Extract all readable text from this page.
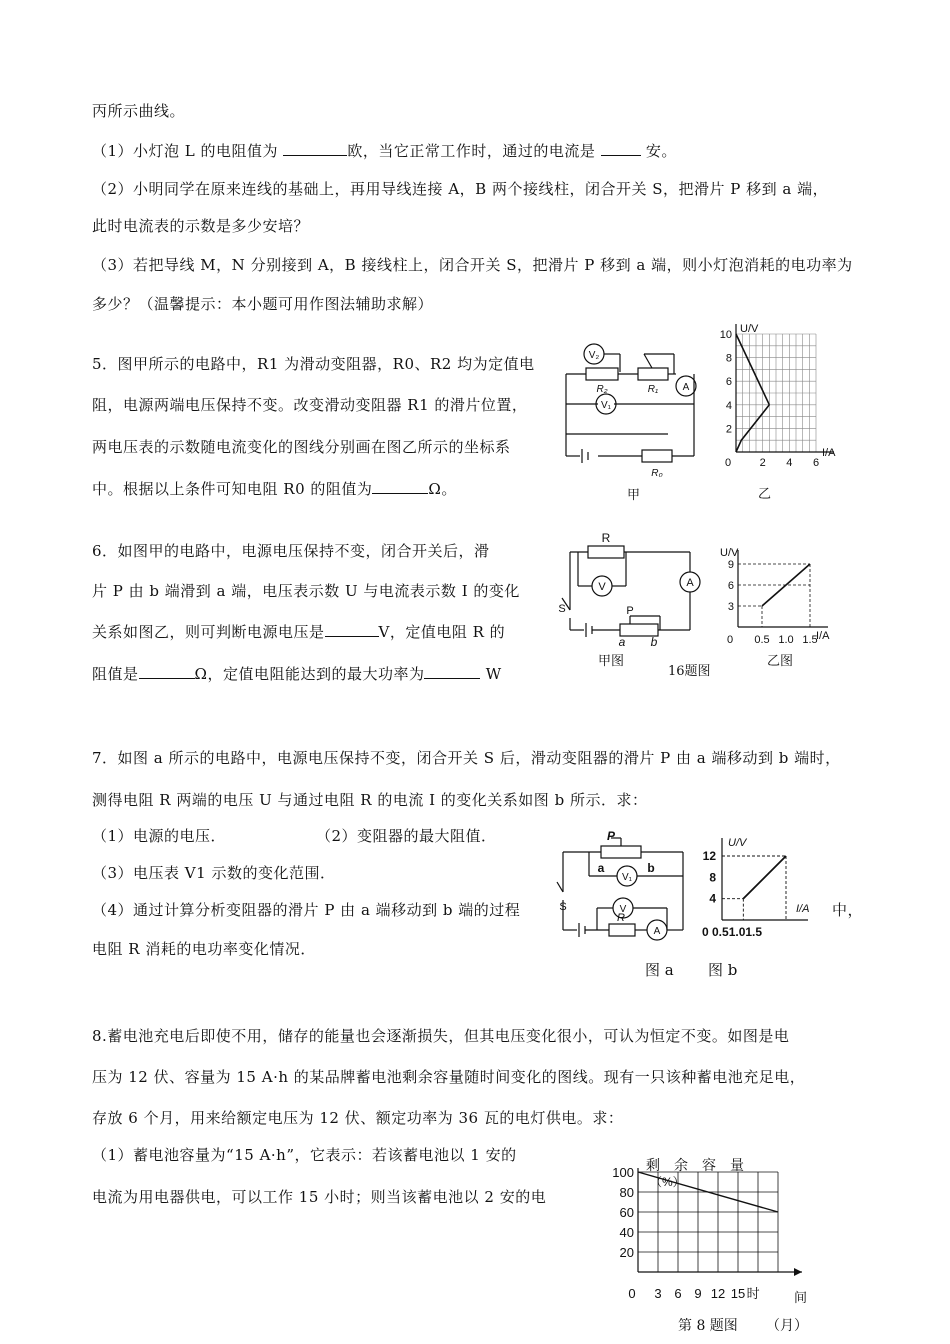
丙所示曲线。
（1）小灯泡 L 的电阻值为	欧，当它正常工作时，通过的电流是	安。
（2）小明同学在原来连线的基础上，再用导线连接 A，B 两个接线柱，闭合开关 S，把滑片 P 移到 a 端，
此时电流表的示数是多少安培？
（3）若把导线 M，N 分别接到 A，B 接线柱上，闭合开关 S，把滑片 P 移到 a 端，则小灯泡消耗的电功率为
多少？（温馨提示：本小题可用作图法辅助求解）
5．图甲所示的电路中，R1 为滑动变阻器，R0、R2 均为定值电
阻，电源两端电压保持不变。改变滑动变阻器 R1 的滑片位置，
两电压表的示数随电流变化的图线分别画在图乙所示的坐标系
中。根据以上条件可知电阻 R0 的阻值为	Ω。
V₂
V₁
A
R₂	R₁
R₀
甲
U/V
I/A
10
8
6
4
2
0	2 4 6
乙
6．如图甲的电路中，电源电压保持不变，闭合开关后，滑
片 P 由 b 端滑到 a 端，电压表示数 U 与电流表示数 I 的变化
关系如图乙，则可判断电源电压是	V，定值电阻 R 的
阻值是	Ω，定值电阻能达到的最大功率为	W
R
V	A
S	P
a b
甲图
16题图
U/V
I/A
9
6
3
0 0.5 1.0 1.5
乙图
7．如图 a 所示的电路中，电源电压保持不变，闭合开关 S 后，滑动变阻器的滑片 P 由 a 端移动到 b 端时，
测得电阻 R 两端的电压 U 与通过电阻 R 的电流 I 的变化关系如图 b 所示．求：
（1）电源的电压．	（2）变阻器的最大阻值．
（3）电压表 V1 示数的变化范围．
（4）通过计算分析变阻器的滑片 P 由 a 端移动到 b 端的过程	中，
电阻 R 消耗的电功率变化情况．
P
a	b
V₁
V
R
A
S
U/V
I/A
12
8
4
0 0.51.01.5
图 a 图 b
8.蓄电池充电后即使不用，储存的能量也会逐渐损失，但其电压变化很小，可认为恒定不变。如图是电
压为 12 伏、容量为 15 A·h 的某品牌蓄电池剩余容量随时间变化的图线。现有一只该种蓄电池充足电，
存放 6 个月，用来给额定电压为 12 伏、额定功率为 36 瓦的电灯供电。求：
（1）蓄电池容量为“15 A·h”，它表示：若该蓄电池以 1 安的
电流为用电器供电，可以工作 15 小时；则当该蓄电池以 2 安的电
剩　余　容　量
（%）
100
80
60
40
20
0 3 6 9 12 15 时	间
第 8 题图 （月）
